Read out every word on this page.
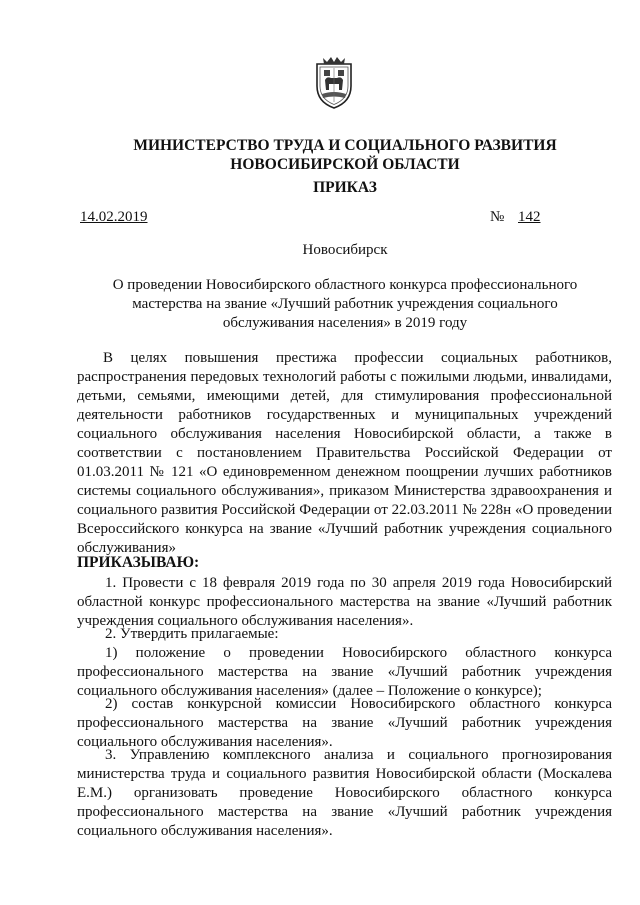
МИНИСТЕРСТВО ТРУДА И СОЦИАЛЬНОГО РАЗВИТИЯ
НОВОСИБИРСКОЙ ОБЛАСТИ
ПРИКАЗ
14.02.2019	№ 142
Новосибирск
О проведении Новосибирского областного конкурса профессионального мастерства на звание «Лучший работник учреждения социального обслуживания населения» в 2019 году
В целях повышения престижа профессии социальных работников, распространения передовых технологий работы с пожилыми людьми, инвалидами, детьми, семьями, имеющими детей, для стимулирования профессиональной деятельности работников государственных и муниципальных учреждений социального обслуживания населения Новосибирской области, а также в соответствии с постановлением Правительства Российской Федерации от 01.03.2011 № 121 «О единовременном денежном поощрении лучших работников системы социального обслуживания», приказом Министерства здравоохранения и социального развития Российской Федерации от 22.03.2011 № 228н «О проведении Всероссийского конкурса на звание «Лучший работник учреждения социального обслуживания»
ПРИКАЗЫВАЮ:
1. Провести с 18 февраля 2019 года по 30 апреля 2019 года Новосибирский областной конкурс профессионального мастерства на звание «Лучший работник учреждения социального обслуживания населения».
2. Утвердить прилагаемые:
1) положение о проведении Новосибирского областного конкурса профессионального мастерства на звание «Лучший работник учреждения социального обслуживания населения» (далее – Положение о конкурсе);
2) состав конкурсной комиссии Новосибирского областного конкурса профессионального мастерства на звание «Лучший работник учреждения социального обслуживания населения».
3. Управлению комплексного анализа и социального прогнозирования министерства труда и социального развития Новосибирской области (Москалева Е.М.) организовать проведение Новосибирского областного конкурса профессионального мастерства на звание «Лучший работник учреждения социального обслуживания населения».
